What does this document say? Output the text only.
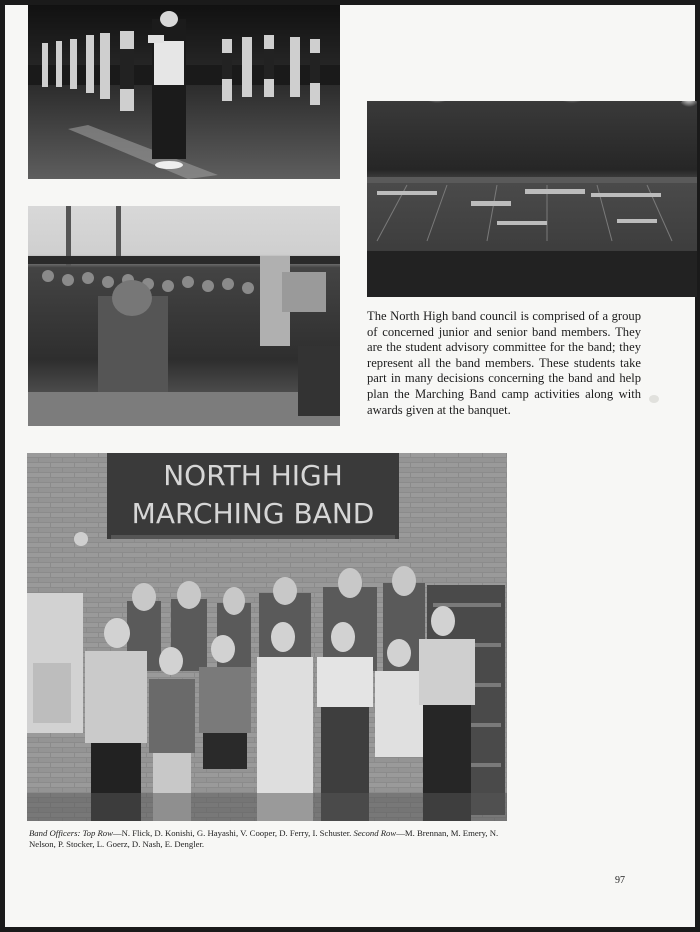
The North High band council is comprised of a group of concerned junior and senior band members. They are the student advisory committee for the band; they represent all the band members. These students take part in many decisions concerning the band and help plan the Marching Band camp activities along with awards given at the banquet.

NORTH HIGH
MARCHING BAND

Band Officers: Top Row—N. Flick, D. Konishi, G. Hayashi, V. Cooper, D. Ferry, I. Schuster. Second Row—M. Brennan, M. Emery, N. Nelson, P. Stocker, L. Goerz, D. Nash, E. Dengler.

97
